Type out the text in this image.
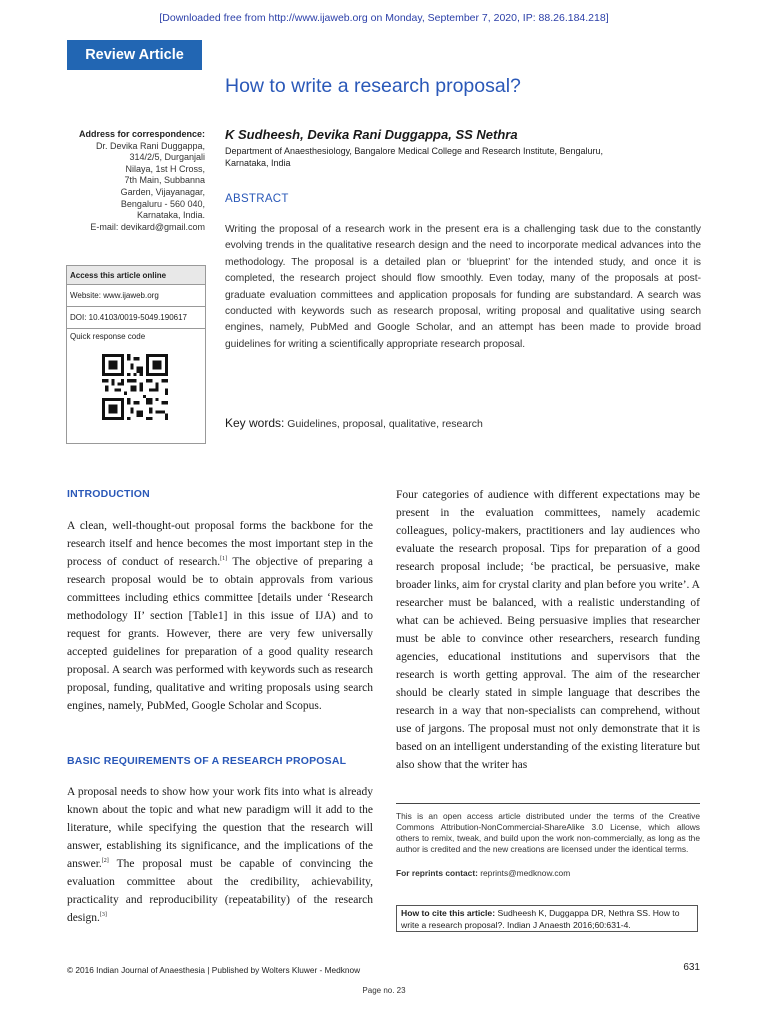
[Downloaded free from http://www.ijaweb.org on Monday, September 7, 2020, IP: 88.26.184.218]
Review Article
How to write a research proposal?
Address for correspondence:
Dr. Devika Rani Duggappa,
314/2/5, Durganjali
Nilaya, 1st H Cross,
7th Main, Subbanna
Garden, Vijayanagar,
Bengaluru - 560 040,
Karnataka, India.
E-mail: devikard@gmail.com
K Sudheesh, Devika Rani Duggappa, SS Nethra
Department of Anaesthesiology, Bangalore Medical College and Research Institute, Bengaluru, Karnataka, India
ABSTRACT
Writing the proposal of a research work in the present era is a challenging task due to the constantly evolving trends in the qualitative research design and the need to incorporate medical advances into the methodology. The proposal is a detailed plan or ‘blueprint’ for the intended study, and once it is completed, the research project should flow smoothly. Even today, many of the proposals at post-graduate evaluation committees and application proposals for funding are substandard. A search was conducted with keywords such as research proposal, writing proposal and qualitative using search engines, namely, PubMed and Google Scholar, and an attempt has been made to provide broad guidelines for writing a scientifically appropriate research proposal.
Key words: Guidelines, proposal, qualitative, research
Access this article online
Website: www.ijaweb.org
DOI: 10.4103/0019-5049.190617
Quick response code
INTRODUCTION
A clean, well-thought-out proposal forms the backbone for the research itself and hence becomes the most important step in the process of conduct of research.[1] The objective of preparing a research proposal would be to obtain approvals from various committees including ethics committee [details under ‘Research methodology II’ section [Table1] in this issue of IJA) and to request for grants. However, there are very few universally accepted guidelines for preparation of a good quality research proposal. A search was performed with keywords such as research proposal, funding, qualitative and writing proposals using search engines, namely, PubMed, Google Scholar and Scopus.
BASIC REQUIREMENTS OF A RESEARCH PROPOSAL
A proposal needs to show how your work fits into what is already known about the topic and what new paradigm will it add to the literature, while specifying the question that the research will answer, establishing its significance, and the implications of the answer.[2] The proposal must be capable of convincing the evaluation committee about the credibility, achievability, practicality and reproducibility (repeatability) of the research design.[3]
Four categories of audience with different expectations may be present in the evaluation committees, namely academic colleagues, policy-makers, practitioners and lay audiences who evaluate the research proposal. Tips for preparation of a good research proposal include; ‘be practical, be persuasive, make broader links, aim for crystal clarity and plan before you write’. A researcher must be balanced, with a realistic understanding of what can be achieved. Being persuasive implies that researcher must be able to convince other researchers, research funding agencies, educational institutions and supervisors that the research is worth getting approval. The aim of the researcher should be clearly stated in simple language that describes the research in a way that non-specialists can comprehend, without use of jargons. The proposal must not only demonstrate that it is based on an intelligent understanding of the existing literature but also show that the writer has
This is an open access article distributed under the terms of the Creative Commons Attribution-NonCommercial-ShareAlike 3.0 License, which allows others to remix, tweak, and build upon the work non-commercially, as long as the author is credited and the new creations are licensed under the identical terms.
For reprints contact: reprints@medknow.com
How to cite this article: Sudheesh K, Duggappa DR, Nethra SS. How to write a research proposal?. Indian J Anaesth 2016;60:631-4.
© 2016 Indian Journal of Anaesthesia | Published by Wolters Kluwer - Medknow	631
Page no. 23
